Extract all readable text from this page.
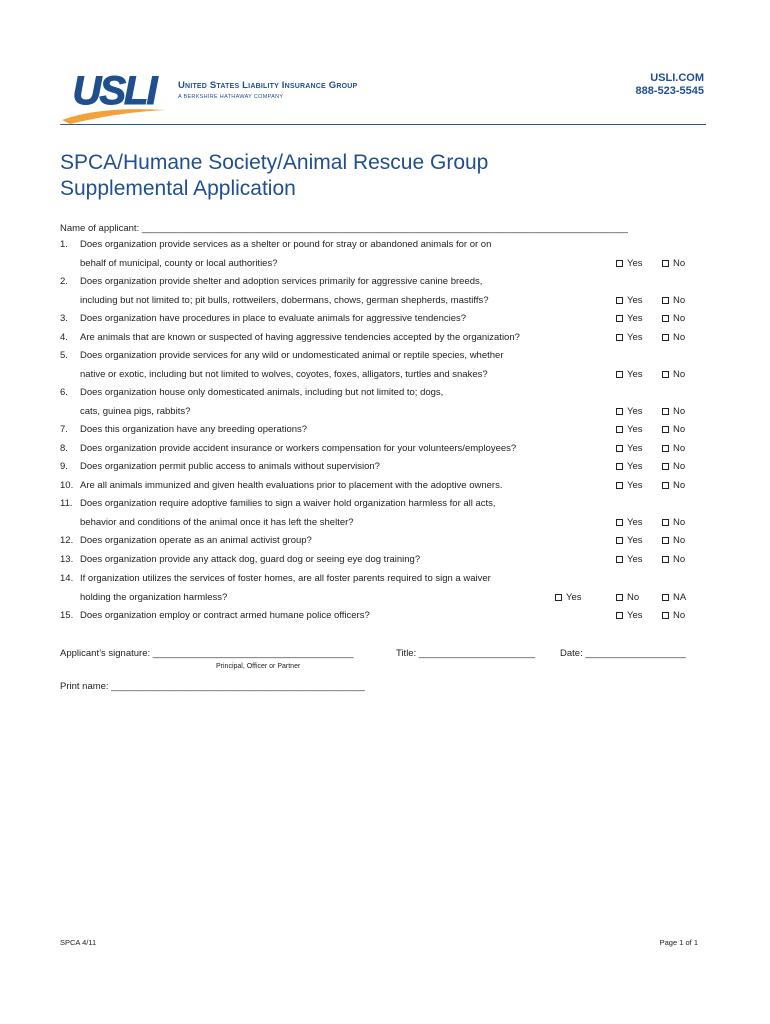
USLI	United States Liability Insurance Group
A BERKSHIRE HATHAWAY COMPANY
USLI.COM
888-523-5545
SPCA/Humane Society/Animal Rescue Group
Supplemental Application
Name of applicant: ____________________________________________________________________________________________
1.	Does organization provide services as a shelter or pound for stray or abandoned animals for or on
behalf of municipal, county or local authorities?	Yes	No
2.	Does organization provide shelter and adoption services primarily for aggressive canine breeds,
including but not limited to; pit bulls, rottweilers, dobermans, chows, german shepherds, mastiffs?	Yes	No
3.	Does organization have procedures in place to evaluate animals for aggressive tendencies?	Yes	No
4.	Are animals that are known or suspected of having aggressive tendencies accepted by the organization?	Yes	No
5.	Does organization provide services for any wild or undomesticated animal or reptile species, whether
native or exotic, including but not limited to wolves, coyotes, foxes, alligators, turtles and snakes?	Yes	No
6.	Does organization house only domesticated animals, including but not limited to; dogs,
cats, guinea pigs, rabbits?	Yes	No
7.	Does this organization have any breeding operations?	Yes	No
8.	Does organization provide accident insurance or workers compensation for your volunteers/employees?	Yes	No
9.	Does organization permit public access to animals without supervision?	Yes	No
10. Are all animals immunized and given health evaluations prior to placement with the adoptive owners.	Yes	No
11. Does organization require adoptive families to sign a waiver hold organization harmless for all acts,
behavior and conditions of the animal once it has left the shelter?	Yes	No
12. Does organization operate as an animal activist group?	Yes	No
13. Does organization provide any attack dog, guard dog or seeing eye dog training?	Yes	No
14. If organization utilizes the services of foster homes, are all foster parents required to sign a waiver
holding the organization harmless?	Yes	No	NA
15. Does organization employ or contract armed humane police officers?	Yes	No
Applicant’s signature: ______________________________________	Title: ______________________	Date: ___________________
Principal, Officer or Partner
Print name: ________________________________________________
SPCA 4/11	Page 1 of 1
